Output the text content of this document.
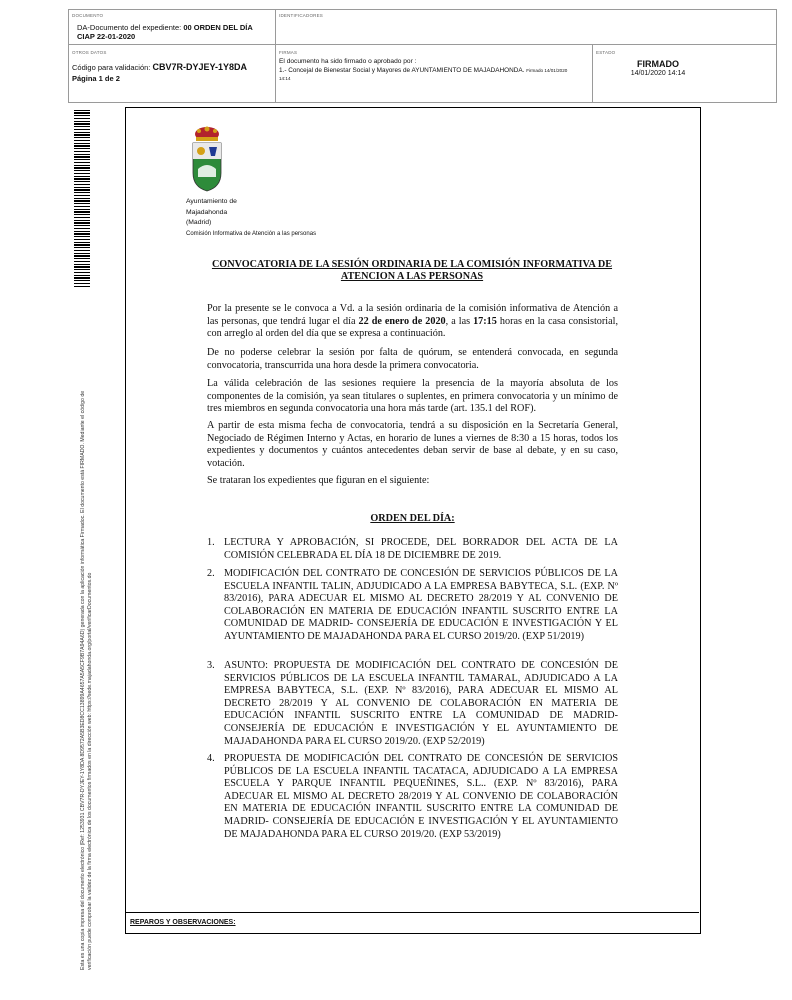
DOCUMENTO
DA-Documento del expediente: 00 ORDEN DEL DÍA
CIAP 22-01-2020
IDENTIFICADORES
OTROS DATOS
Código para validación: CBV7R-DYJEY-1Y8DA
Página 1 de 2
FIRMAS
El documento ha sido firmado o aprobado por :
1.- Concejal de Bienestar Social y Mayores de AYUNTAMIENTO DE MAJADAHONDA. Firmado 14/01/2020
14:14
ESTADO
FIRMADO
14/01/2020 14:14
Esta es una copia impresa del documento electrónico (Ref: 1253931 CBV7R-DYJEY-1Y8DA 8D9572A5B3ED8CC13899A4657A5A5CF9B7A94A6D) generada con la aplicación informática Firmadoc. El documento está FIRMADO. Mediante el código de verificación puede comprobar la validez de la firma electrónica de los documentos firmados en la dirección web: https://sede.majadahonda.org/portal/verificarDocumentos.do
Ayuntamiento de
Majadahonda
(Madrid)
Comisión Informativa de Atención a las personas
CONVOCATORIA DE LA SESIÓN ORDINARIA DE LA COMISIÓN INFORMATIVA DE ATENCION A LAS PERSONAS
Por la presente se le convoca a Vd. a la sesión ordinaria de la comisión informativa de Atención a las personas, que tendrá lugar el día 22 de enero de 2020, a las 17:15 horas en la casa consistorial, con arreglo al orden del día que se expresa a continuación.
De no poderse celebrar la sesión por falta de quórum, se entenderá convocada, en segunda convocatoria, transcurrida una hora desde la primera convocatoria.
La válida celebración de las sesiones requiere la presencia de la mayoría absoluta de los componentes de la comisión, ya sean titulares o suplentes, en primera convocatoria y un mínimo de tres miembros en segunda convocatoria una hora más tarde (art. 135.1 del ROF).
A partir de esta misma fecha de convocatoria, tendrá a su disposición en la Secretaría General, Negociado de Régimen Interno y Actas, en horario de lunes a viernes de 8:30 a 15 horas, todos los expedientes y documentos y cuántos antecedentes deban servir de base al debate, y en su caso, votación.
Se trataran los expedientes que figuran en el siguiente:
ORDEN DEL DÍA:
1. LECTURA Y APROBACIÓN, SI PROCEDE, DEL BORRADOR DEL ACTA DE LA COMISIÓN CELEBRADA EL DÍA 18 DE DICIEMBRE DE 2019.
2. MODIFICACIÓN DEL CONTRATO DE CONCESIÓN DE SERVICIOS PÚBLICOS DE LA ESCUELA INFANTIL TALIN, ADJUDICADO A LA EMPRESA BABYTECA, S.L. (EXP. Nº 83/2016), PARA ADECUAR EL MISMO AL DECRETO 28/2019 Y AL CONVENIO DE COLABORACIÓN EN MATERIA DE EDUCACIÓN INFANTIL SUSCRITO ENTRE LA COMUNIDAD DE MADRID- CONSEJERÍA DE EDUCACIÓN E INVESTIGACIÓN Y EL AYUNTAMIENTO DE MAJADAHONDA PARA EL CURSO 2019/20. (EXP 51/2019)
3. ASUNTO: PROPUESTA DE MODIFICACIÓN DEL CONTRATO DE CONCESIÓN DE SERVICIOS PÚBLICOS DE LA ESCUELA INFANTIL TAMARAL, ADJUDICADO A LA EMPRESA BABYTECA, S.L. (EXP. Nº 83/2016), PARA ADECUAR EL MISMO AL DECRETO 28/2019 Y AL CONVENIO DE COLABORACIÓN EN MATERIA DE EDUCACIÓN INFANTIL SUSCRITO ENTRE LA COMUNIDAD DE MADRID-CONSEJERÍA DE EDUCACIÓN E INVESTIGACIÓN Y EL AYUNTAMIENTO DE MAJADAHONDA PARA EL CURSO 2019/20. (EXP 52/2019)
4. PROPUESTA DE MODIFICACIÓN DEL CONTRATO DE CONCESIÓN DE SERVICIOS PÚBLICOS DE LA ESCUELA INFANTIL TACATACA, ADJUDICADO A LA EMPRESA ESCUELA Y PARQUE INFANTIL PEQUEÑINES, S.L.. (EXP. Nº 83/2016), PARA ADECUAR EL MISMO AL DECRETO 28/2019 Y AL CONVENIO DE COLABORACIÓN EN MATERIA DE EDUCACIÓN INFANTIL SUSCRITO ENTRE LA COMUNIDAD DE MADRID- CONSEJERÍA DE EDUCACIÓN E INVESTIGACIÓN Y EL AYUNTAMIENTO DE MAJADAHONDA PARA EL CURSO 2019/20. (EXP 53/2019)
REPAROS Y OBSERVACIONES:
